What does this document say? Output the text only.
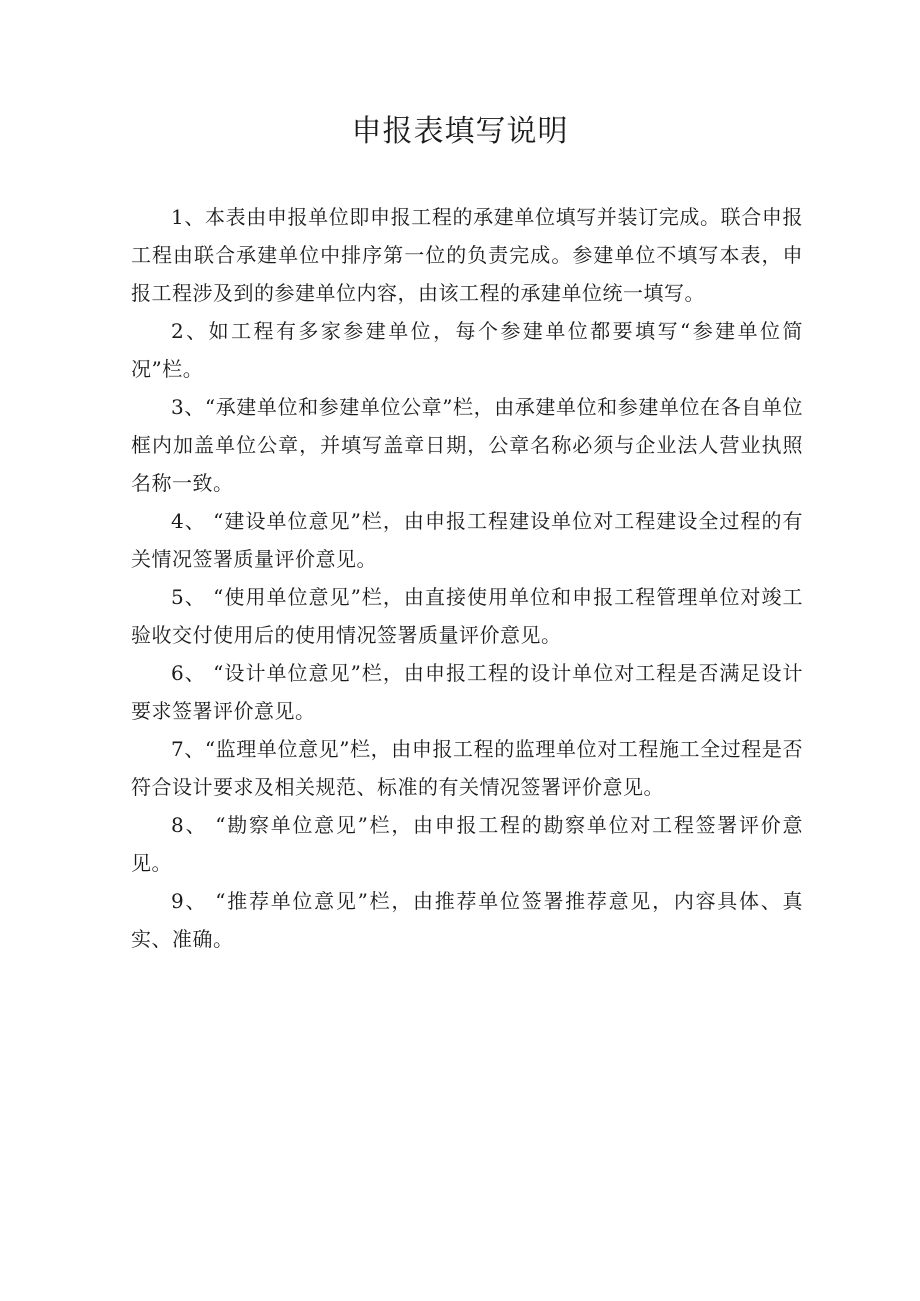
申报表填写说明

1、本表由申报单位即申报工程的承建单位填写并装订完成。联合申报工程由联合承建单位中排序第一位的负责完成。参建单位不填写本表，申报工程涉及到的参建单位内容，由该工程的承建单位统一填写。

2、如工程有多家参建单位，每个参建单位都要填写“参建单位简况”栏。

3、“承建单位和参建单位公章”栏，由承建单位和参建单位在各自单位框内加盖单位公章，并填写盖章日期，公章名称必须与企业法人营业执照名称一致。

4、 “建设单位意见”栏，由申报工程建设单位对工程建设全过程的有关情况签署质量评价意见。

5、 “使用单位意见”栏，由直接使用单位和申报工程管理单位对竣工验收交付使用后的使用情况签署质量评价意见。

6、 “设计单位意见”栏，由申报工程的设计单位对工程是否满足设计要求签署评价意见。

7、“监理单位意见”栏，由申报工程的监理单位对工程施工全过程是否符合设计要求及相关规范、标准的有关情况签署评价意见。

8、 “勘察单位意见”栏，由申报工程的勘察单位对工程签署评价意见。

9、 “推荐单位意见”栏，由推荐单位签署推荐意见，内容具体、真实、准确。
